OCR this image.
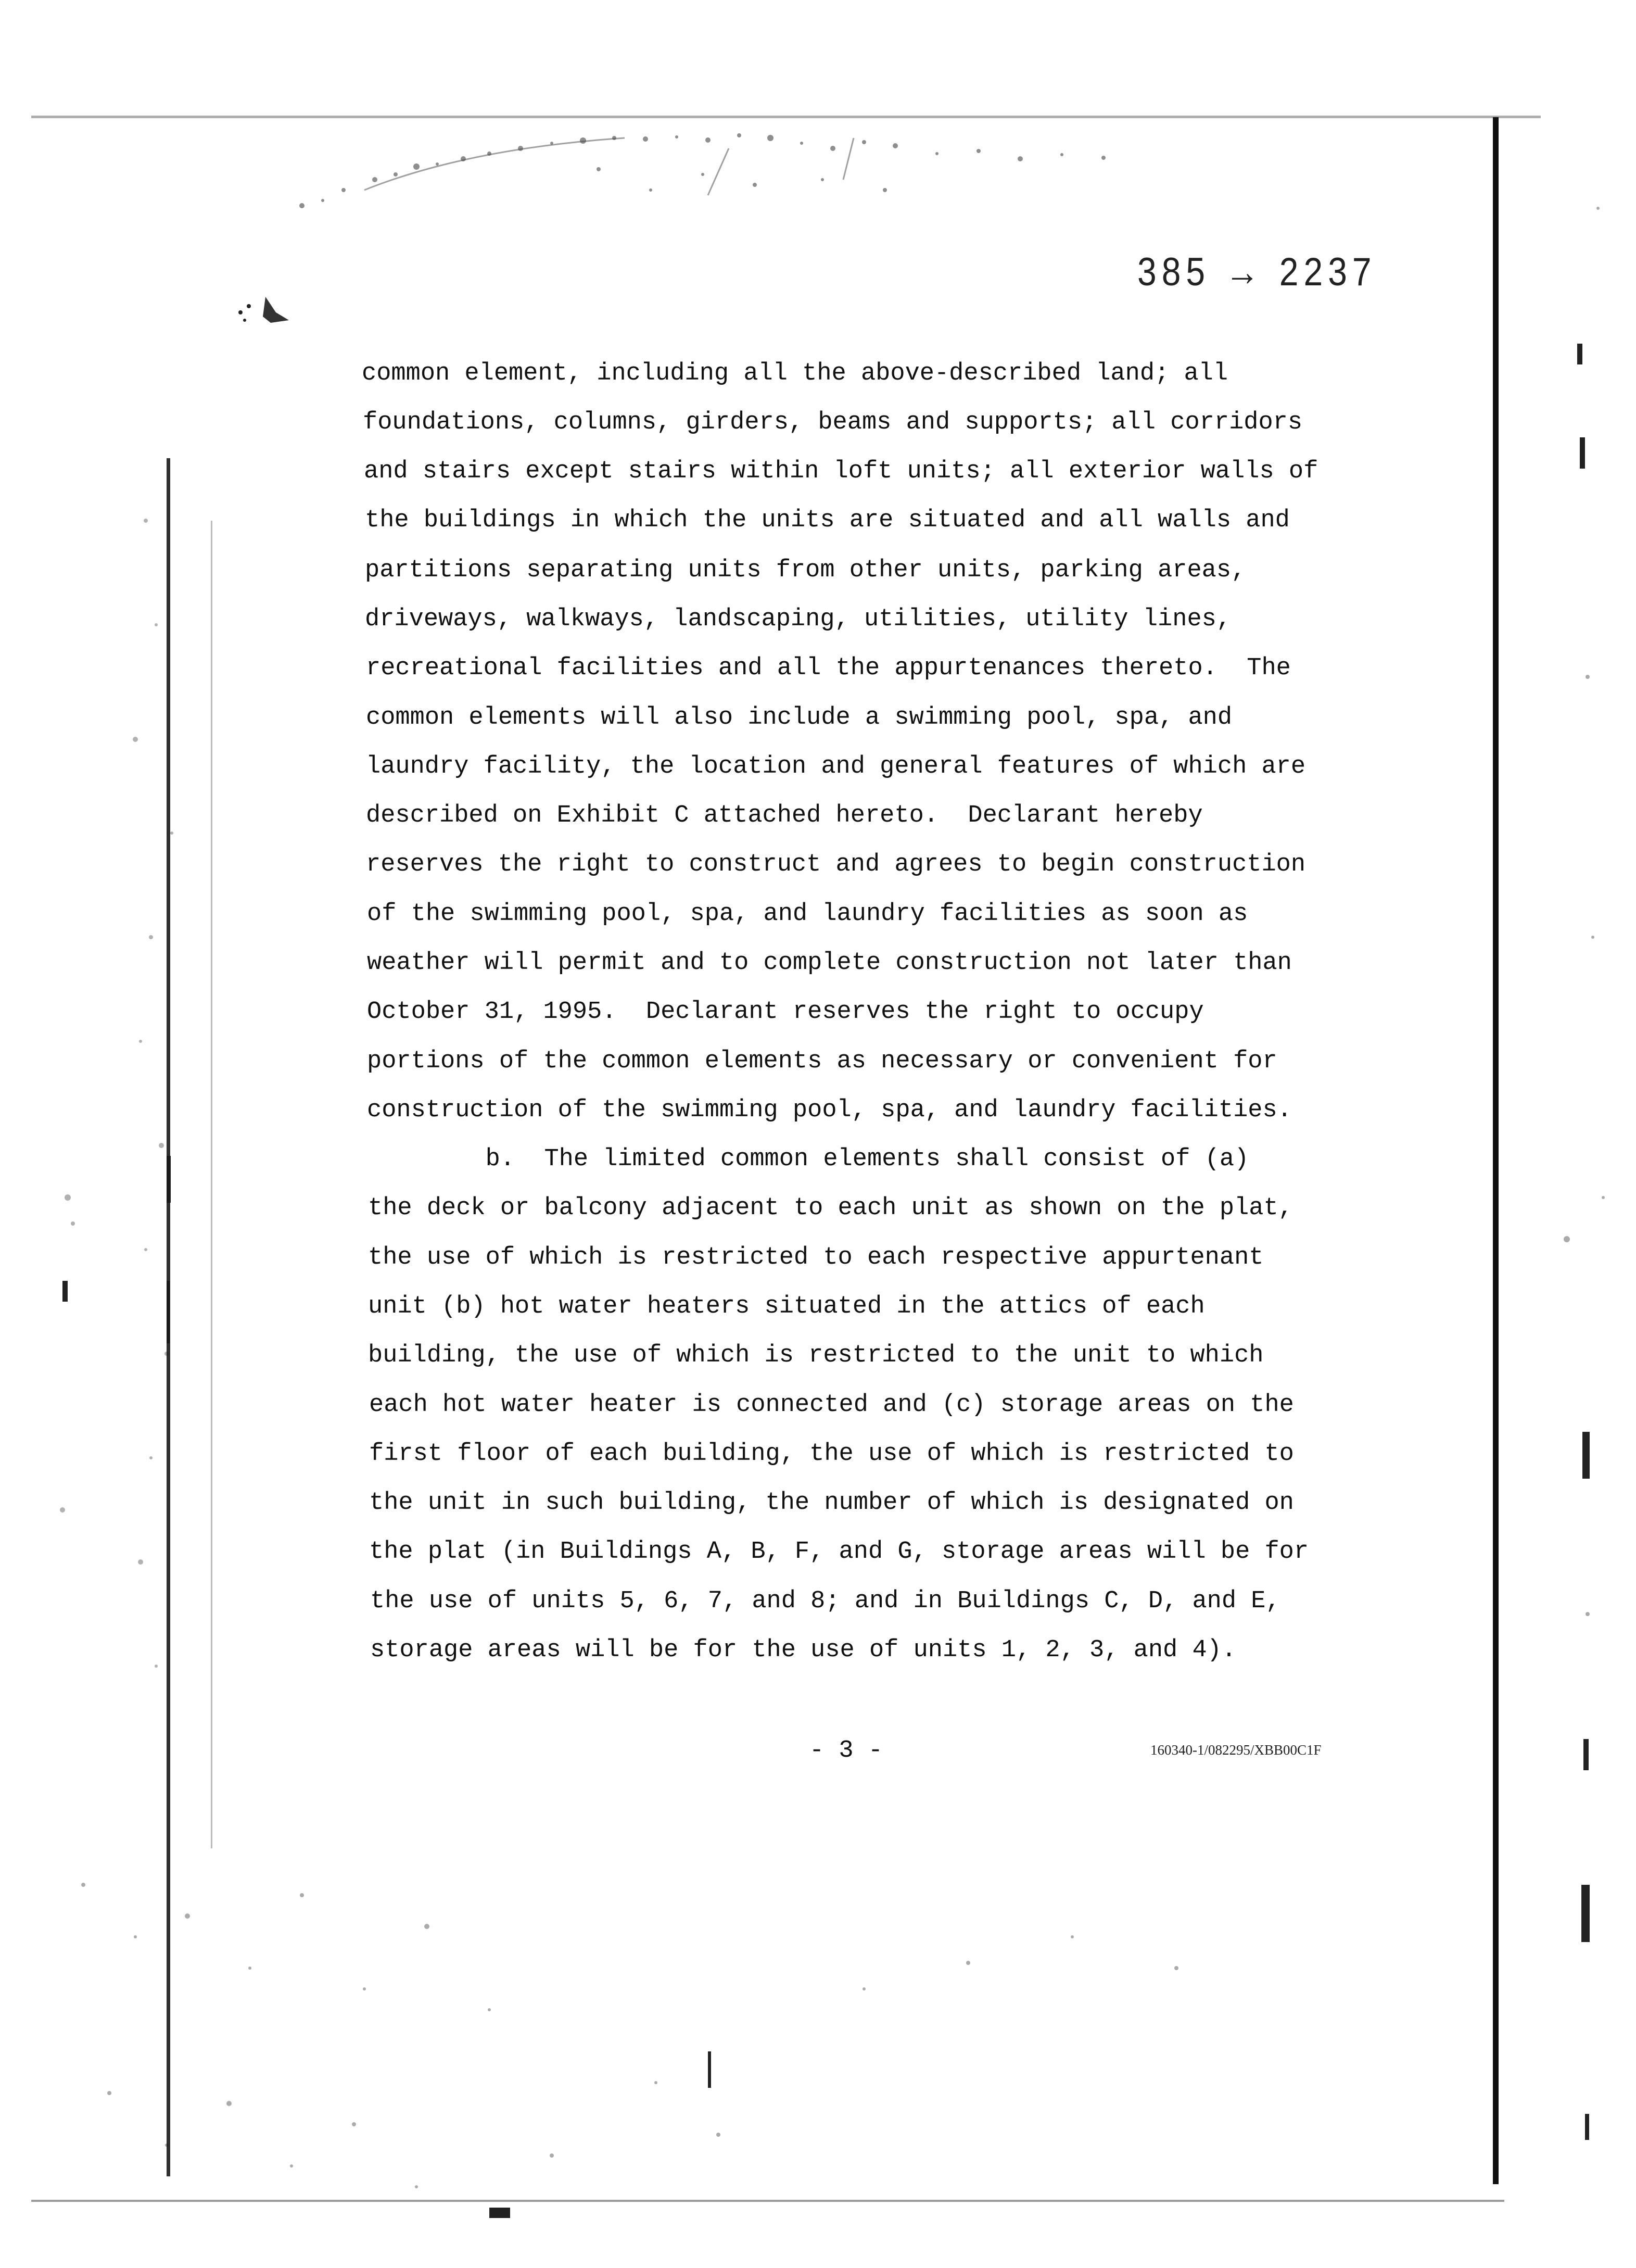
385 → 2237
common element, including all the above-described land; all
foundations, columns, girders, beams and supports; all corridors
and stairs except stairs within loft units; all exterior walls of
the buildings in which the units are situated and all walls and
partitions separating units from other units, parking areas,
driveways, walkways, landscaping, utilities, utility lines,
recreational facilities and all the appurtenances thereto.  The
common elements will also include a swimming pool, spa, and
laundry facility, the location and general features of which are
described on Exhibit C attached hereto.  Declarant hereby
reserves the right to construct and agrees to begin construction
of the swimming pool, spa, and laundry facilities as soon as
weather will permit and to complete construction not later than
October 31, 1995.  Declarant reserves the right to occupy
portions of the common elements as necessary or convenient for
construction of the swimming pool, spa, and laundry facilities.
b.  The limited common elements shall consist of (a)
the deck or balcony adjacent to each unit as shown on the plat,
the use of which is restricted to each respective appurtenant
unit (b) hot water heaters situated in the attics of each
building, the use of which is restricted to the unit to which
each hot water heater is connected and (c) storage areas on the
first floor of each building, the use of which is restricted to
the unit in such building, the number of which is designated on
the plat (in Buildings A, B, F, and G, storage areas will be for
the use of units 5, 6, 7, and 8; and in Buildings C, D, and E,
storage areas will be for the use of units 1, 2, 3, and 4).
- 3 -	160340-1/082295/XBB00C1F
